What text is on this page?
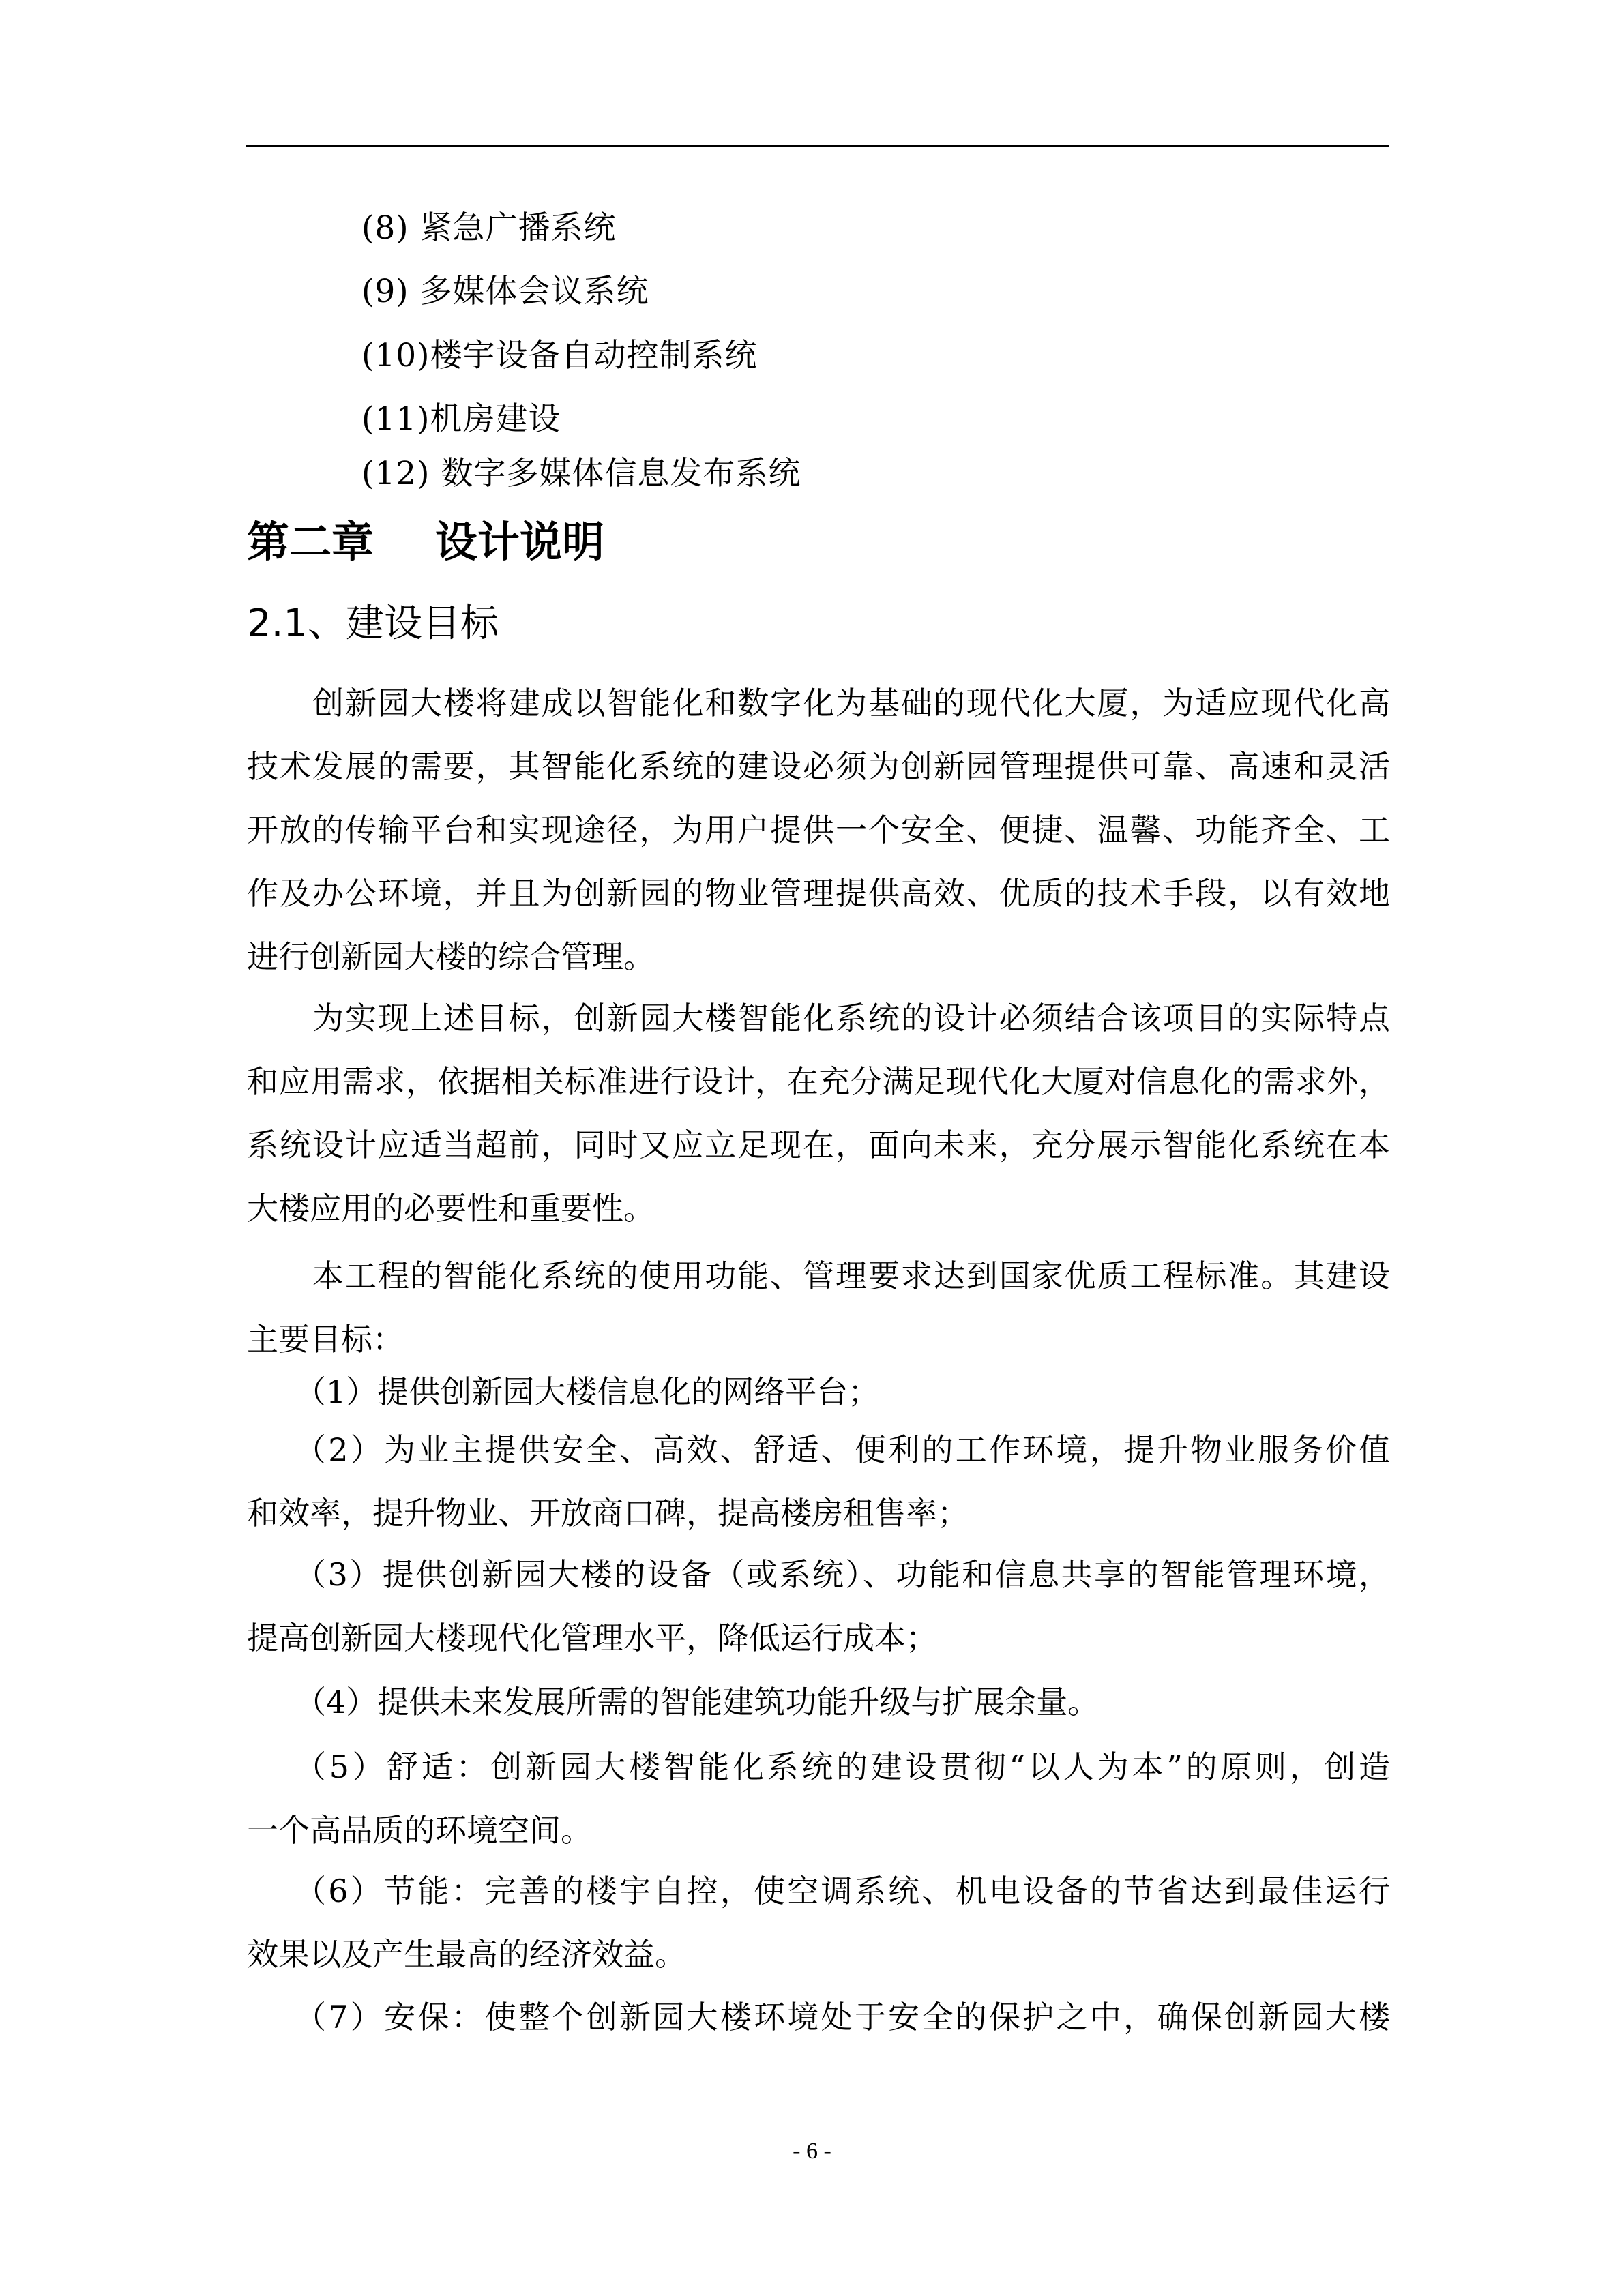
(8) 紧急广播系统
(9) 多媒体会议系统
(10)楼宇设备自动控制系统
(11)机房建设
(12) 数字多媒体信息发布系统
第二章 设计说明
2.1、建设目标
创新园大楼将建成以智能化和数字化为基础的现代化大厦，为适应现代化高
技术发展的需要，其智能化系统的建设必须为创新园管理提供可靠、高速和灵活
开放的传输平台和实现途径，为用户提供一个安全、便捷、温馨、功能齐全、工
作及办公环境，并且为创新园的物业管理提供高效、优质的技术手段，以有效地
进行创新园大楼的综合管理。
为实现上述目标，创新园大楼智能化系统的设计必须结合该项目的实际特点
和应用需求，依据相关标准进行设计，在充分满足现代化大厦对信息化的需求外，
系统设计应适当超前，同时又应立足现在，面向未来，充分展示智能化系统在本
大楼应用的必要性和重要性。
本工程的智能化系统的使用功能、管理要求达到国家优质工程标准。其建设
主要目标：
（1）提供创新园大楼信息化的网络平台；
（2）为业主提供安全、高效、舒适、便利的工作环境，提升物业服务价值
和效率，提升物业、开放商口碑，提高楼房租售率；
（3）提供创新园大楼的设备（或系统）、功能和信息共享的智能管理环境，
提高创新园大楼现代化管理水平，降低运行成本；
（4）提供未来发展所需的智能建筑功能升级与扩展余量。
（5）舒适：创新园大楼智能化系统的建设贯彻“以人为本”的原则，创造
一个高品质的环境空间。
（6）节能：完善的楼宇自控，使空调系统、机电设备的节省达到最佳运行
效果以及产生最高的经济效益。
（7）安保：使整个创新园大楼环境处于安全的保护之中，确保创新园大楼
- 6 -
